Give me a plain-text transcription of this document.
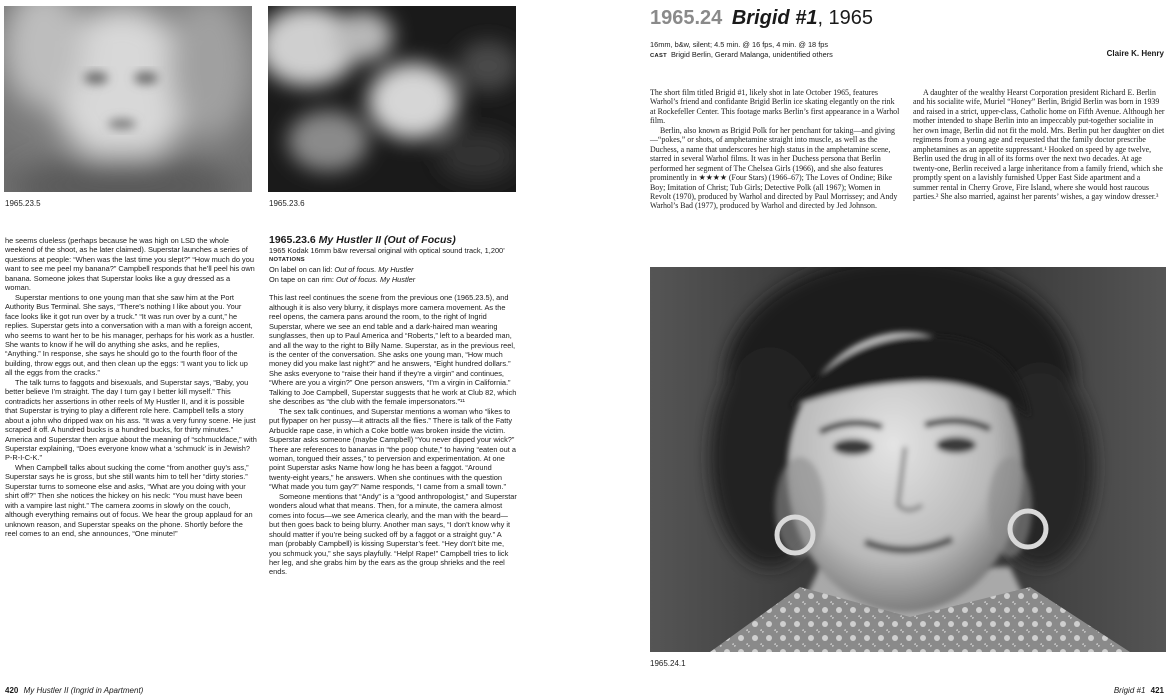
1965.23.5	1965.23.6

he seems clueless (perhaps because he was high on LSD the whole weekend of the shoot, as he later claimed). Superstar launches a series of questions at people: “When was the last time you slept?” “How much do you want to see me peel my banana?” Campbell responds that he’ll peel his own banana. Someone jokes that Superstar looks like a guy dressed as a woman.

Superstar mentions to one young man that she saw him at the Port Authority Bus Terminal. She says, “There’s nothing I like about you. Your face looks like it got run over by a truck.” “It was run over by a cunt,” he replies. Superstar gets into a conversation with a man with a foreign accent, who seems to want her to be his manager, perhaps for his work as a hustler. She wants to know if he will do anything she asks, and he replies, “Anything.” In response, she says he should go to the fourth floor of the building, throw eggs out, and then clean up the eggs: “I want you to lick up all the eggs from the cracks.”

The talk turns to faggots and bisexuals, and Superstar says, “Baby, you better believe I’m straight. The day I turn gay I better kill myself.” This contradicts her assertions in other reels of My Hustler II, and it is possible that Superstar is trying to play a different role here. Campbell tells a story about a john who dripped wax on his ass. “It was a very funny scene. He just scraped it off. A hundred bucks is a hundred bucks, for thirty minutes.” America and Superstar then argue about the meaning of “schmuckface,” with Superstar explaining, “Does everyone know what a ‘schmuck’ is in Jewish? P-R-I-C-K.”

When Campbell talks about sucking the come “from another guy’s ass,” Superstar says he is gross, but she still wants him to tell her “dirty stories.” Superstar turns to someone else and asks, “What are you doing with your shirt off?” Then she notices the hickey on his neck: “You must have been with a vampire last night.” The camera zooms in slowly on the couch, although everything remains out of focus. We hear the group applaud for an unknown reason, and Superstar speaks on the phone. Shortly before the reel comes to an end, she announces, “One minute!”

1965.23.6 My Hustler II (Out of Focus)
1965 Kodak 16mm b&w reversal original with optical sound track, 1,200’
NOTATIONS
On label on can lid: Out of focus. My Hustler
On tape on can rim: Out of focus. My Hustler

This last reel continues the scene from the previous one (1965.23.5), and although it is also very blurry, it displays more camera movement. As the reel opens, the camera pans around the room, to the right of Ingrid Superstar, where we see an end table and a dark-haired man wearing sunglasses, then up to Paul America and “Roberts,” left to a bearded man, and all the way to the right to Billy Name. Superstar, as in the previous reel, is the center of the conversation. She asks one young man, “How much money did you make last night?” and he answers, “Eight hundred dollars.” She asks everyone to “raise their hand if they’re a virgin” and continues, “Where are you a virgin?” One person answers, “I’m a virgin in California.” Talking to Joe Campbell, Superstar suggests that he work at Club 82, which she describes as “the club with the female impersonators.”¹¹

The sex talk continues, and Superstar mentions a woman who “likes to put flypaper on her pussy—it attracts all the flies.” There is talk of the Fatty Arbuckle rape case, in which a Coke bottle was broken inside the victim. Superstar asks someone (maybe Campbell) “You never dipped your wick?” There are references to bananas in “the poop chute,” to having “eaten out a woman, tongued their asses,” to perversion and experimentation. At one point Superstar asks Name how long he has been a faggot. “Around twenty-eight years,” he answers. When she continues with the question “What made you turn gay?” Name responds, “I came from a small town.”

Someone mentions that “Andy” is a “good anthropologist,” and Superstar wonders aloud what that means. Then, for a minute, the camera almost comes into focus—we see America clearly, and the man with the beard—but then goes back to being blurry. Another man says, “I don’t know why it should matter if you’re being sucked off by a faggot or a straight guy.” A man (probably Campbell) is kissing Superstar’s feet. “Hey don’t bite me, you schmuck you,” she says playfully. “Help! Rape!” Campbell tries to lick her leg, and she grabs him by the ears as the group shrieks and the reel ends.

420 My Hustler II (Ingrid in Apartment)
1965.24 Brigid #1, 1965
16mm, b&w, silent; 4.5 min. @ 16 fps, 4 min. @ 18 fps
CAST Brigid Berlin, Gerard Malanga, unidentified others	Claire K. Henry

The short film titled Brigid #1, likely shot in late October 1965, features Warhol’s friend and confidante Brigid Berlin ice skating elegantly on the rink at Rockefeller Center. This footage marks Berlin’s first appearance in a Warhol film.

Berlin, also known as Brigid Polk for her penchant for taking—and giving—“pokes,” or shots, of amphetamine straight into muscle, as well as the Duchess, a name that underscores her high status in the amphetamine scene, starred in several Warhol films. It was in her Duchess persona that Berlin performed her segment of The Chelsea Girls (1966), and she also features prominently in ★★★★ (Four Stars) (1966–67); The Loves of Ondine; Bike Boy; Imitation of Christ; Tub Girls; Detective Polk (all 1967); Women in Revolt (1970), produced by Warhol and directed by Paul Morrissey; and Andy Warhol’s Bad (1977), produced by Warhol and directed by Jed Johnson.

A daughter of the wealthy Hearst Corporation president Richard E. Berlin and his socialite wife, Muriel “Honey” Berlin, Brigid Berlin was born in 1939 and raised in a strict, upper-class, Catholic home on Fifth Avenue. Although her mother intended to shape Berlin into an impeccably put-together socialite in her own image, Berlin did not fit the mold. Mrs. Berlin put her daughter on diet regimens from a young age and requested that the family doctor prescribe amphetamines as an appetite suppressant.¹ Hooked on speed by age twelve, Berlin used the drug in all of its forms over the next two decades. At age twenty-one, Berlin received a large inheritance from a family friend, which she promptly spent on a lavishly furnished Upper East Side apartment and a summer rental in Cherry Grove, Fire Island, where she would host raucous parties.² She also married, against her parents’ wishes, a gay window dresser.³

1965.24.1
Brigid #1 421
